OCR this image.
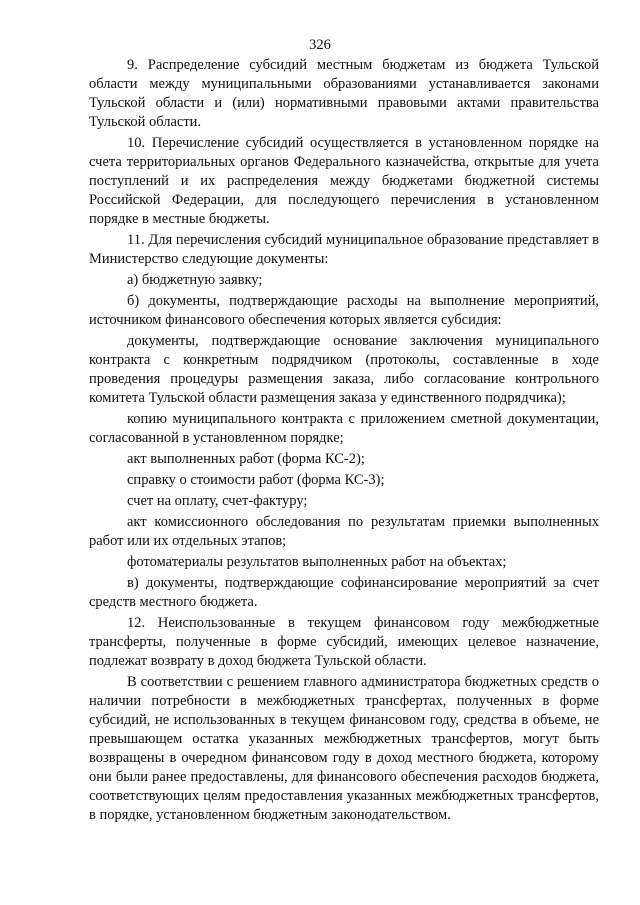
326

9. Распределение субсидий местным бюджетам из бюджета Тульской области между муниципальными образованиями устанавливается законами Тульской области и (или) нормативными правовыми актами правительства Тульской области.

10. Перечисление субсидий осуществляется в установленном порядке на счета территориальных органов Федерального казначейства, открытые для учета поступлений и их распределения между бюджетами бюджетной системы Российской Федерации, для последующего перечисления в установленном порядке в местные бюджеты.

11. Для перечисления субсидий муниципальное образование представляет в Министерство следующие документы:

а) бюджетную заявку;

б) документы, подтверждающие расходы на выполнение мероприятий, источником финансового обеспечения которых является субсидия:

документы, подтверждающие основание заключения муниципального контракта с конкретным подрядчиком (протоколы, составленные в ходе проведения процедуры размещения заказа, либо согласование контрольного комитета Тульской области размещения заказа у единственного подрядчика);

копию муниципального контракта с приложением сметной документации, согласованной в установленном порядке;

акт выполненных работ (форма КС-2);

справку о стоимости работ (форма КС-3);

счет на оплату, счет-фактуру;

акт комиссионного обследования по результатам приемки выполненных работ или их отдельных этапов;

фотоматериалы результатов выполненных работ на объектах;

в) документы, подтверждающие софинансирование мероприятий за счет средств местного бюджета.

12. Неиспользованные в текущем финансовом году межбюджетные трансферты, полученные в форме субсидий, имеющих целевое назначение, подлежат возврату в доход бюджета Тульской области.

В соответствии с решением главного администратора бюджетных средств о наличии потребности в межбюджетных трансфертах, полученных в форме субсидий, не использованных в текущем финансовом году, средства в объеме, не превышающем остатка указанных межбюджетных трансфертов, могут быть возвращены в очередном финансовом году в доход местного бюджета, которому они были ранее предоставлены, для финансового обеспечения расходов бюджета, соответствующих целям предоставления указанных межбюджетных трансфертов, в порядке, установленном бюджетным законодательством.
